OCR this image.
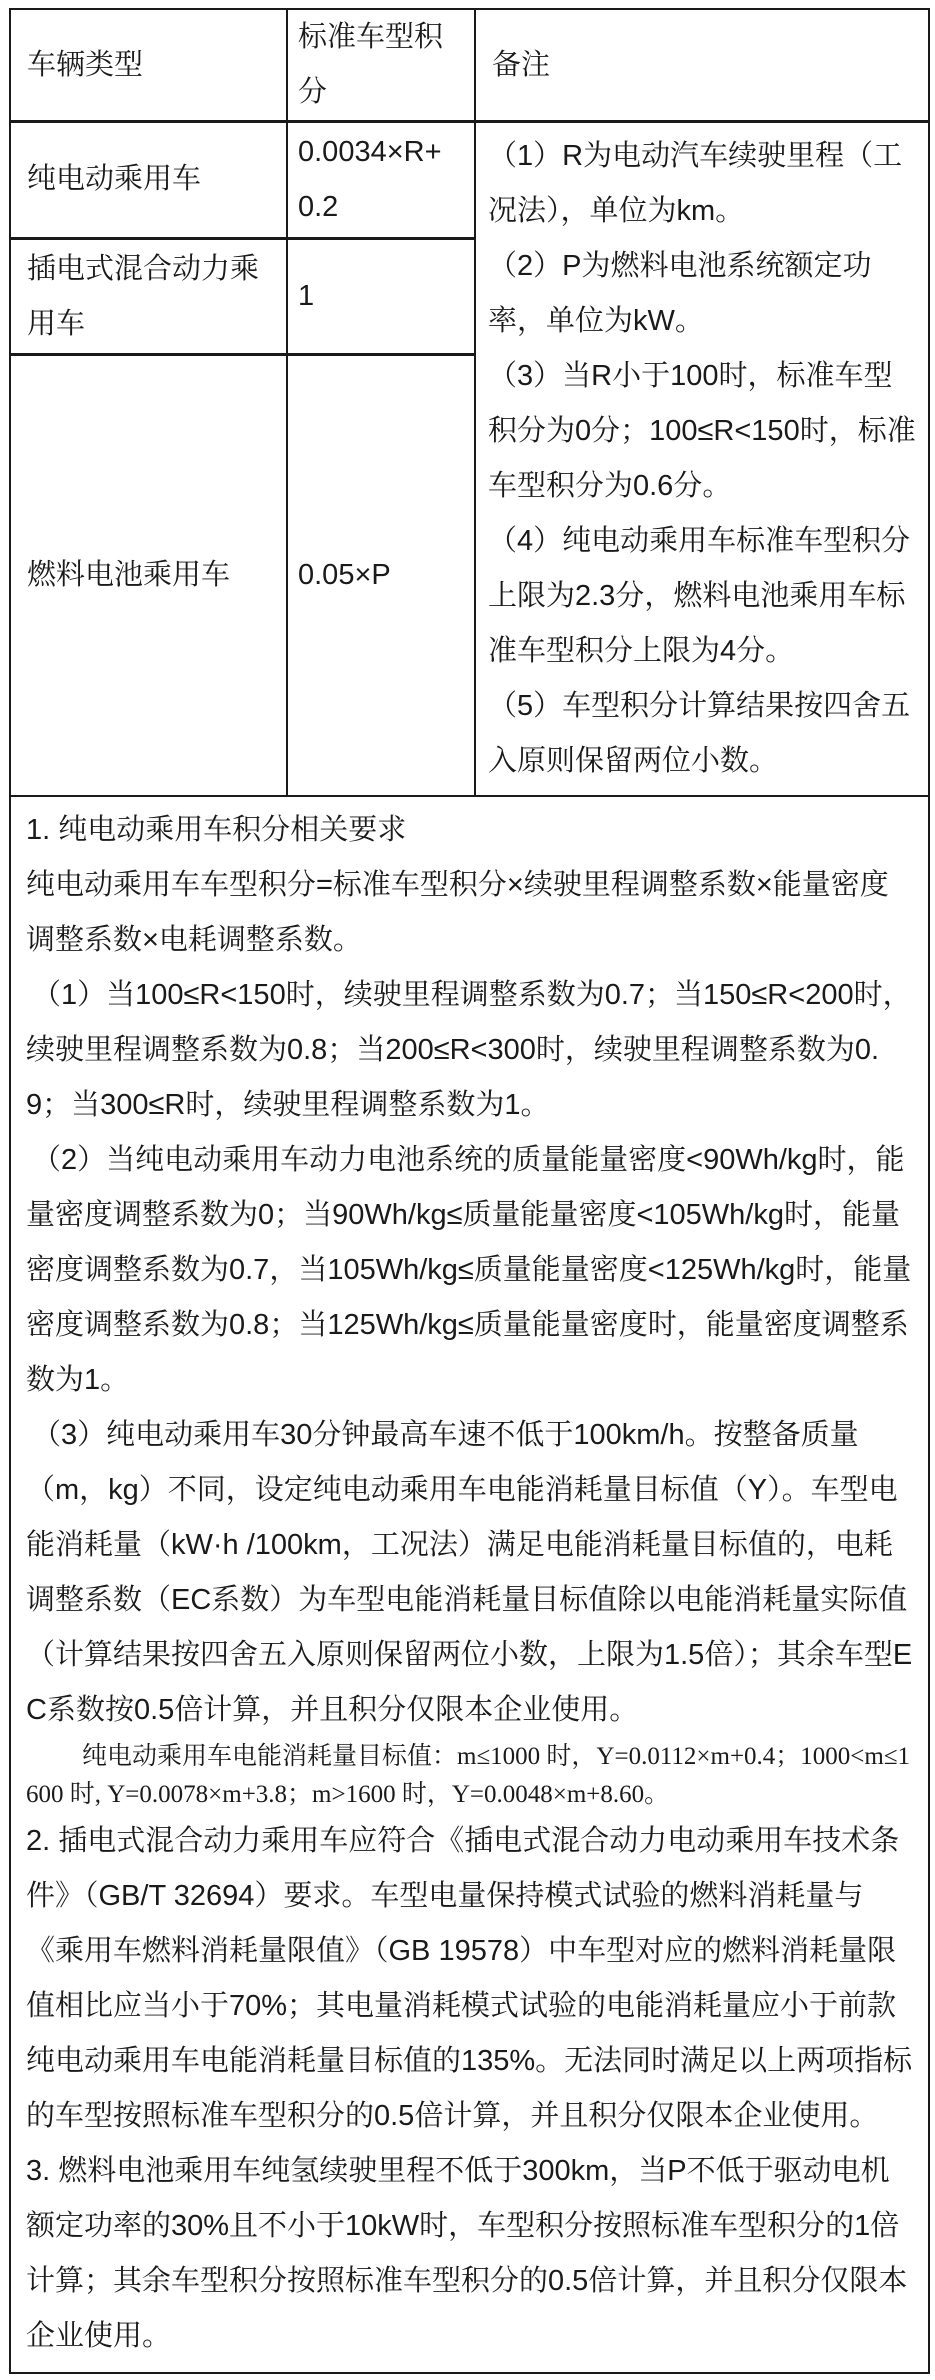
车辆类型	标准车型积分	备注
纯电动乘用车	0.0034×R+0.2	（1）R为电动汽车续驶里程（工况法），单位为km。

（2）P为燃料电池系统额定功率，单位为kW。

（3）当R小于100时，标准车型积分为0分；100≤R<150时，标准车型积分为0.6分。

（4）纯电动乘用车标准车型积分上限为2.3分，燃料电池乘用车标准车型积分上限为4分。

（5）车型积分计算结果按四舍五入原则保留两位小数。

插电式混合动力乘用车	1	
燃料电池乘用车	0.05×P	

1. 纯电动乘用车积分相关要求

纯电动乘用车车型积分=标准车型积分×续驶里程调整系数×能量密度调整系数×电耗调整系数。

（1）当100≤R<150时，续驶里程调整系数为0.7；当150≤R<200时，续驶里程调整系数为0.8；当200≤R<300时，续驶里程调整系数为0.9；当300≤R时，续驶里程调整系数为1。

（2）当纯电动乘用车动力电池系统的质量能量密度<90Wh/kg时，能量密度调整系数为0；当90Wh/kg≤质量能量密度<105Wh/kg时，能量密度调整系数为0.7，当105Wh/kg≤质量能量密度<125Wh/kg时，能量密度调整系数为0.8；当125Wh/kg≤质量能量密度时，能量密度调整系数为1。

（3）纯电动乘用车30分钟最高车速不低于100km/h。按整备质量（m，kg）不同，设定纯电动乘用车电能消耗量目标值（Y）。车型电能消耗量（kW·h /100km，工况法）满足电能消耗量目标值的，电耗调整系数（EC系数）为车型电能消耗量目标值除以电能消耗量实际值（计算结果按四舍五入原则保留两位小数，上限为1.5倍）；其余车型EC系数按0.5倍计算，并且积分仅限本企业使用。

纯电动乘用车电能消耗量目标值：m≤1000 时，Y=0.0112×m+0.4；1000<m≤1600 时, Y=0.0078×m+3.8；m>1600 时，Y=0.0048×m+8.60。

2. 插电式混合动力乘用车应符合《插电式混合动力电动乘用车技术条件》（GB/T 32694）要求。车型电量保持模式试验的燃料消耗量与《乘用车燃料消耗量限值》（GB 19578）中车型对应的燃料消耗量限值相比应当小于70%；其电量消耗模式试验的电能消耗量应小于前款纯电动乘用车电能消耗量目标值的135%。无法同时满足以上两项指标的车型按照标准车型积分的0.5倍计算，并且积分仅限本企业使用。

3. 燃料电池乘用车纯氢续驶里程不低于300km，当P不低于驱动电机额定功率的30%且不小于10kW时，车型积分按照标准车型积分的1倍计算；其余车型积分按照标准车型积分的0.5倍计算，并且积分仅限本企业使用。
